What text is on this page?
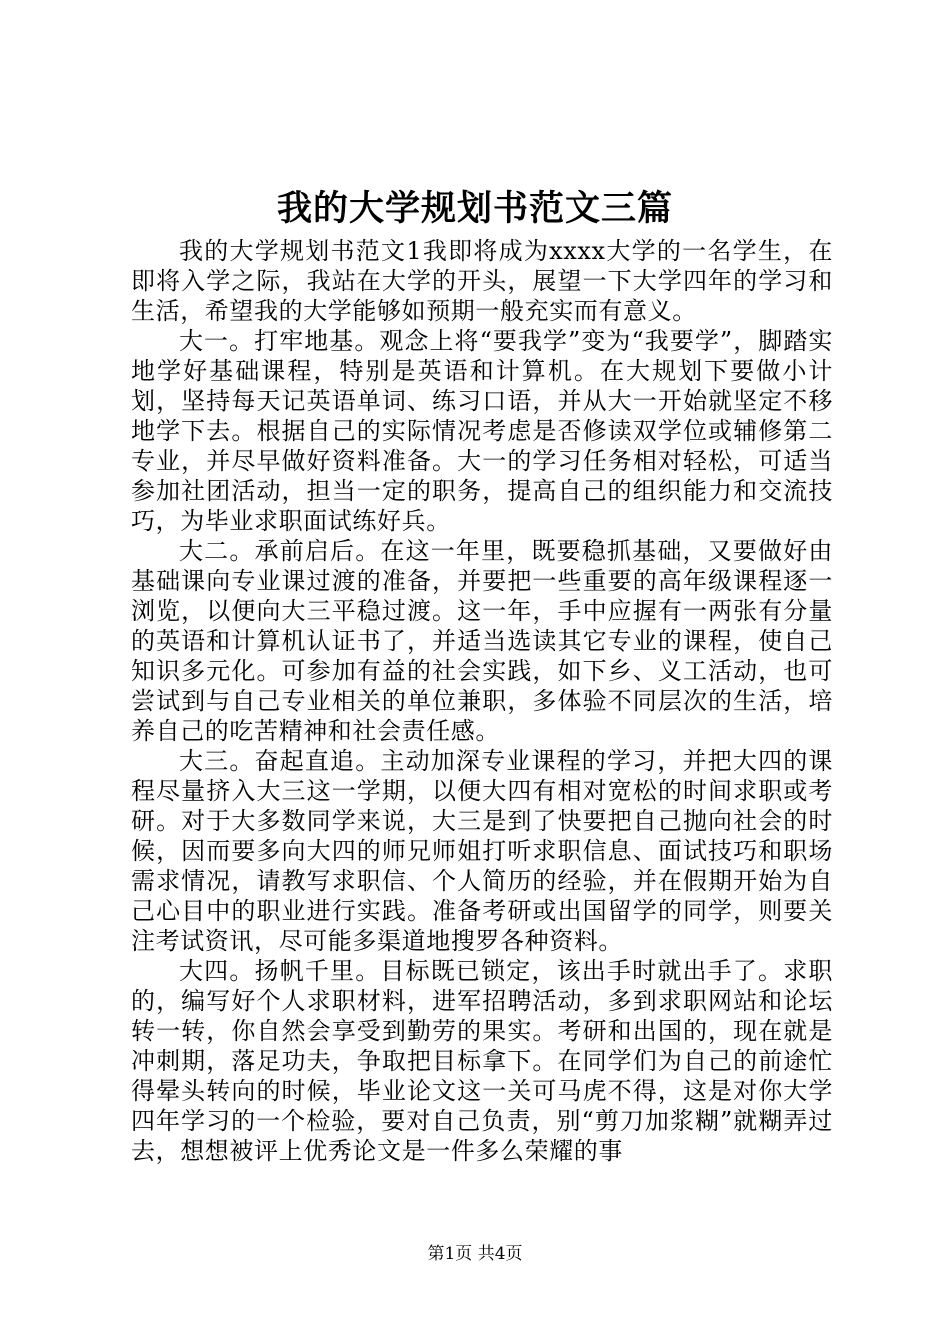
我的大学规划书范文三篇

我的大学规划书范文1我即将成为xxxx大学的一名学生，在即将入学之际，我站在大学的开头，展望一下大学四年的学习和生活，希望我的大学能够如预期一般充实而有意义。

大一。打牢地基。观念上将“要我学”变为“我要学”，脚踏实地学好基础课程，特别是英语和计算机。在大规划下要做小计划，坚持每天记英语单词、练习口语，并从大一开始就坚定不移地学下去。根据自己的实际情况考虑是否修读双学位或辅修第二专业，并尽早做好资料准备。大一的学习任务相对轻松，可适当参加社团活动，担当一定的职务，提高自己的组织能力和交流技巧，为毕业求职面试练好兵。

大二。承前启后。在这一年里，既要稳抓基础，又要做好由基础课向专业课过渡的准备，并要把一些重要的高年级课程逐一浏览，以便向大三平稳过渡。这一年，手中应握有一两张有分量的英语和计算机认证书了，并适当选读其它专业的课程，使自己知识多元化。可参加有益的社会实践，如下乡、义工活动，也可尝试到与自己专业相关的单位兼职，多体验不同层次的生活，培养自己的吃苦精神和社会责任感。

大三。奋起直追。主动加深专业课程的学习，并把大四的课程尽量挤入大三这一学期，以便大四有相对宽松的时间求职或考研。对于大多数同学来说，大三是到了快要把自己抛向社会的时候，因而要多向大四的师兄师姐打听求职信息、面试技巧和职场需求情况，请教写求职信、个人简历的经验，并在假期开始为自己心目中的职业进行实践。准备考研或出国留学的同学，则要关注考试资讯，尽可能多渠道地搜罗各种资料。

大四。扬帆千里。目标既已锁定，该出手时就出手了。求职的，编写好个人求职材料，进军招聘活动，多到求职网站和论坛转一转，你自然会享受到勤劳的果实。考研和出国的，现在就是冲刺期，落足功夫，争取把目标拿下。在同学们为自己的前途忙得晕头转向的时候，毕业论文这一关可马虎不得，这是对你大学四年学习的一个检验，要对自己负责，别“剪刀加浆糊”就糊弄过去，想想被评上优秀论文是一件多么荣耀的事

第1页 共4页
